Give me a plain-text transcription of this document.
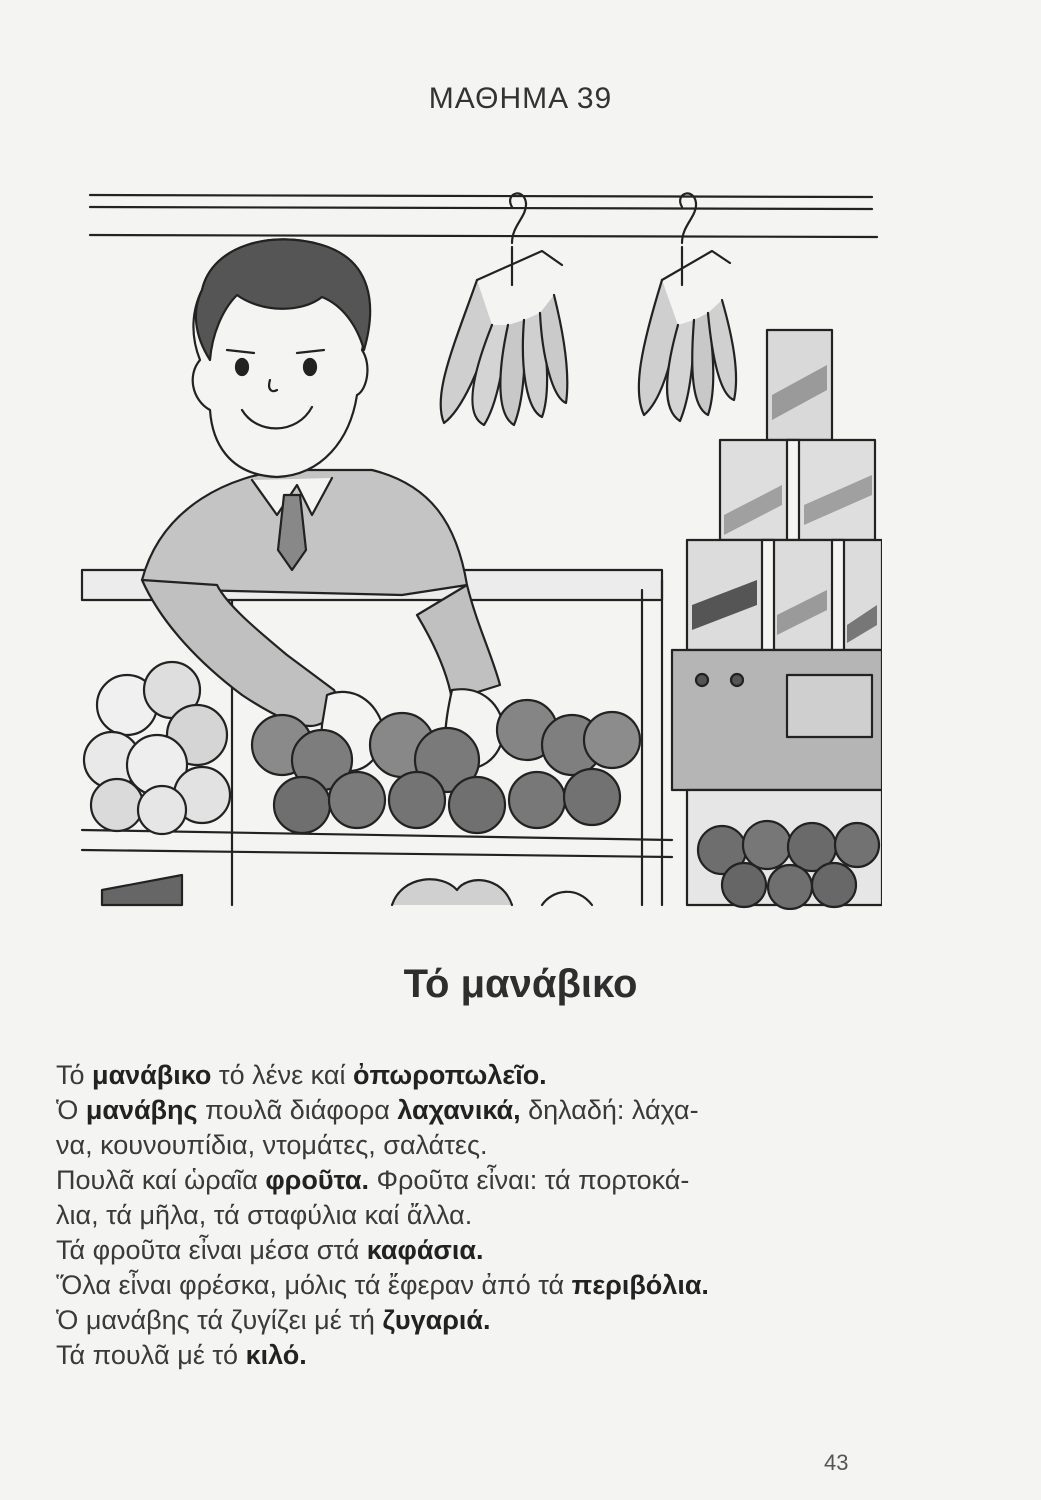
ΜΑΘΗΜΑ 39
Τό μανάβικο

Τό μανάβικο τό λένε καί ὀπωροπωλεῖο.

Ὁ μανάβης πουλᾶ διάφορα λαχανικά, δηλαδή: λάχα-

να, κουνουπίδια, ντομάτες, σαλάτες.

Πουλᾶ καί ὡραῖα φροῦτα. Φροῦτα εἶναι: τά πορτοκά-

λια, τά μῆλα, τά σταφύλια καί ἄλλα.

Τά φροῦτα εἶναι μέσα στά καφάσια.

Ὅλα εἶναι φρέσκα, μόλις τά ἔφεραν ἀπό τά περιβόλια.

Ὁ μανάβης τά ζυγίζει μέ τή ζυγαριά.

Τά πουλᾶ μέ τό κιλό.

43
